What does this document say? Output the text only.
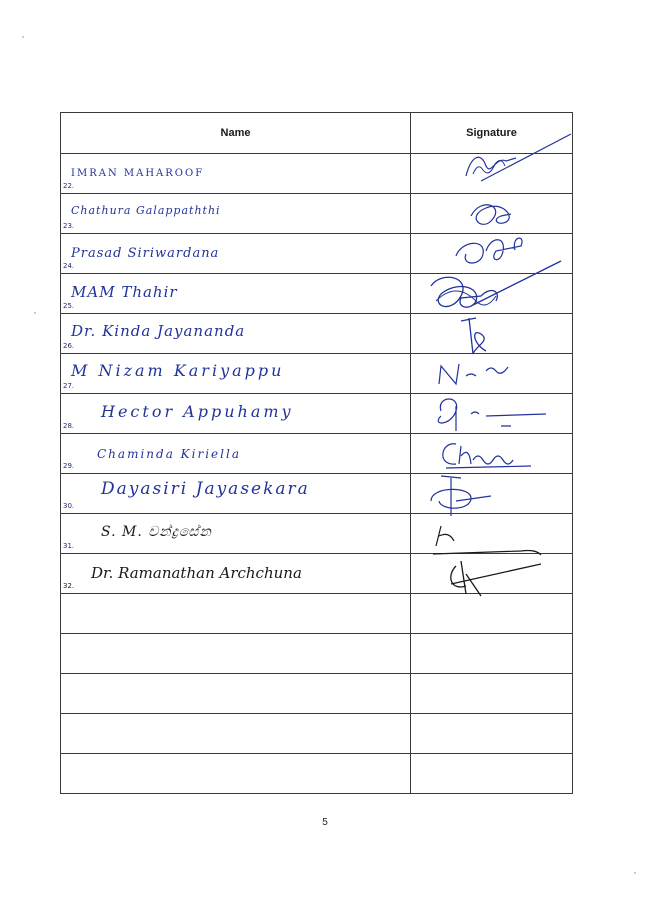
Name	Signature

22.
IMRAN MAHAROOF

23.
Chathura Galappaththi

24.
Prasad Siriwardana

25.
MAM Thahir

26.
Dr. Kinda Jayananda

27.
M Nizam Kariyappu

28.
Hector Appuhamy

29.
Chaminda Kiriella

30.
Dayasiri Jayasekara

31.
S. M. චන්ද්‍රසේන

32.
Dr. Ramanathan Archchuna

5
